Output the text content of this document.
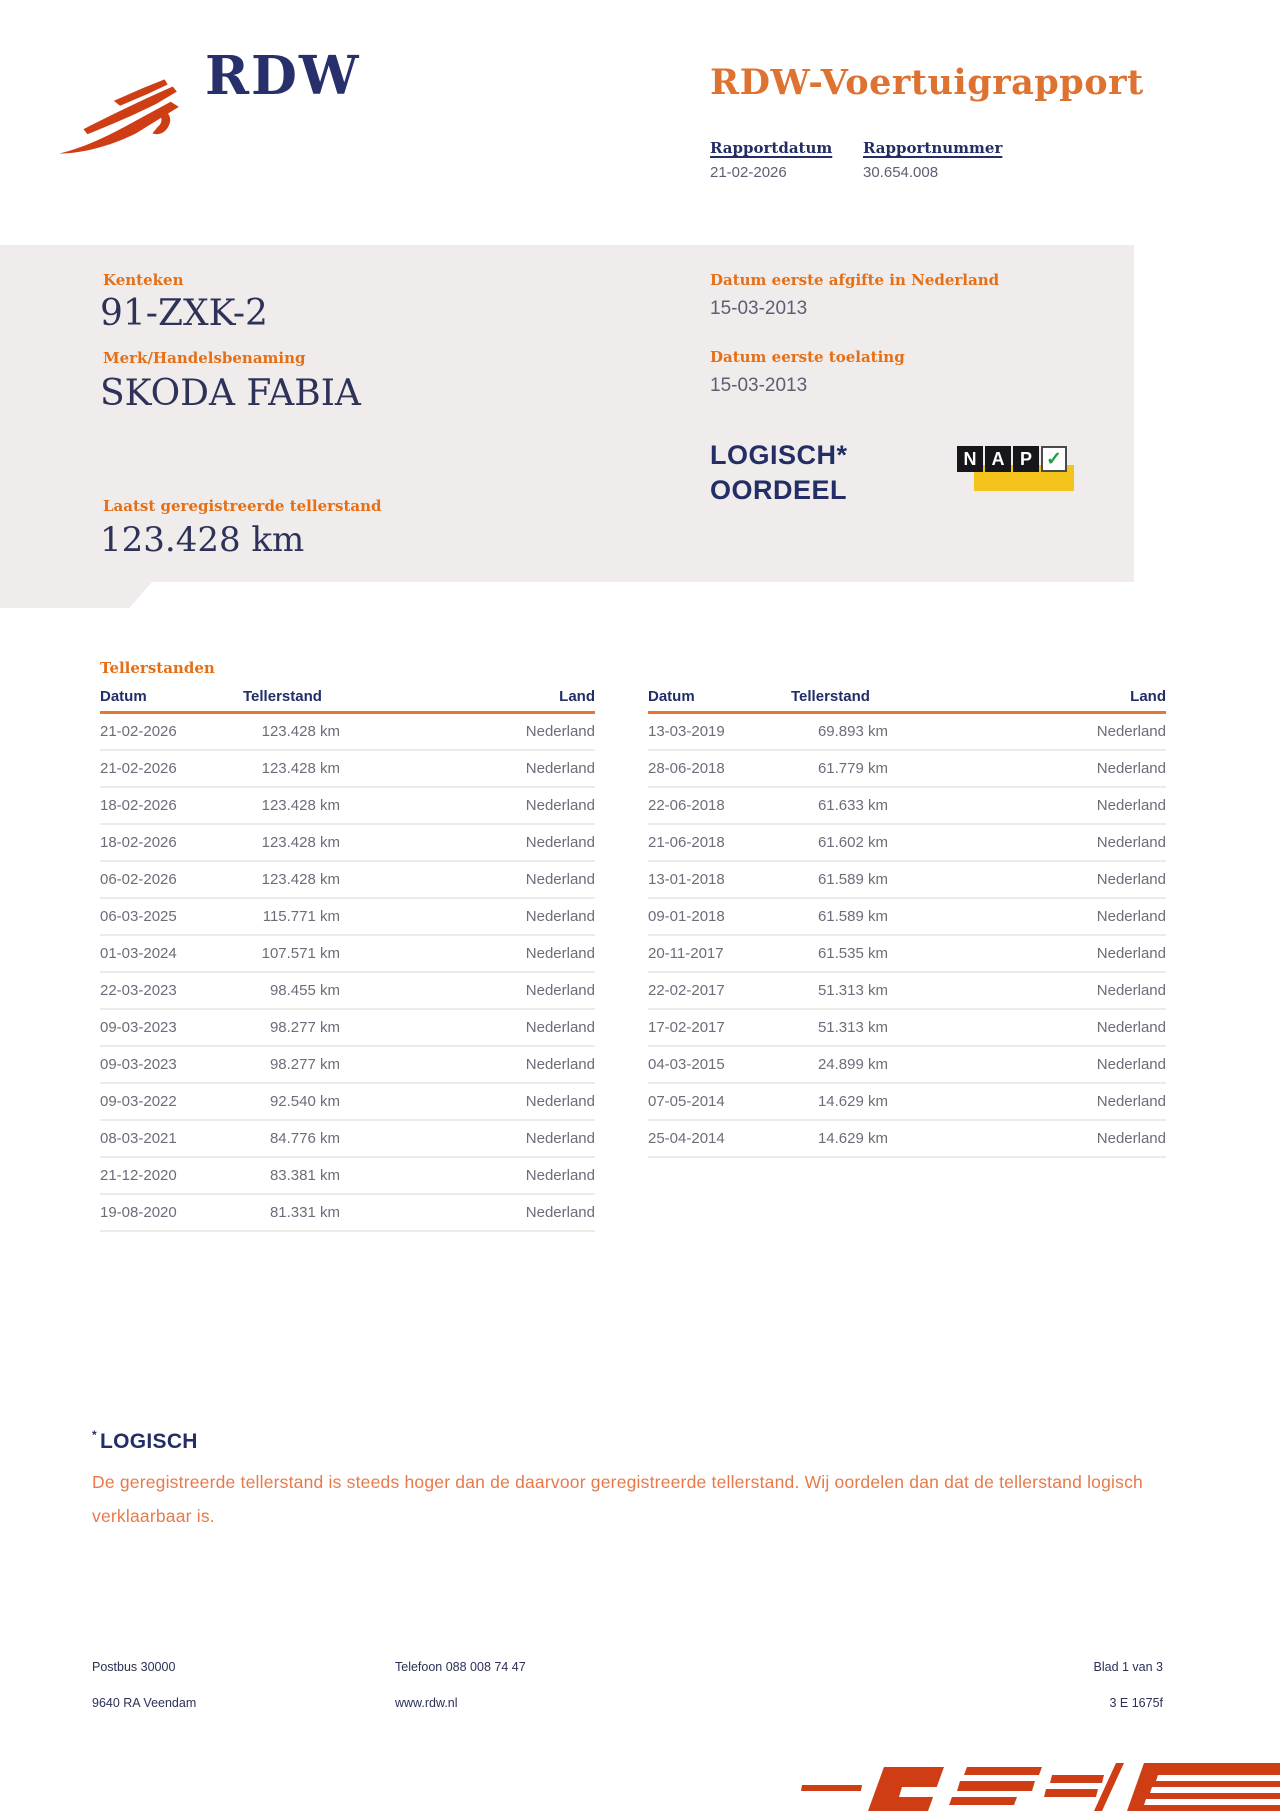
RDW	RDW-Voertuigrapport
Rapportdatum
21-02-2026
Rapportnummer
30.654.008
Kenteken
91-ZXK-2
Merk/Handelsbenaming
SKODA FABIA
Laatst geregistreerde tellerstand
123.428 km
Datum eerste afgifte in Nederland
15-03-2013
Datum eerste toelating
15-03-2013
LOGISCH*
OORDEEL
N A P ✓
Tellerstanden
Datum	Tellerstand	Land
21-02-2026	123.428 km	Nederland
21-02-2026	123.428 km	Nederland
18-02-2026	123.428 km	Nederland
18-02-2026	123.428 km	Nederland
06-02-2026	123.428 km	Nederland
06-03-2025	115.771 km	Nederland
01-03-2024	107.571 km	Nederland
22-03-2023	98.455 km	Nederland
09-03-2023	98.277 km	Nederland
09-03-2023	98.277 km	Nederland
09-03-2022	92.540 km	Nederland
08-03-2021	84.776 km	Nederland
21-12-2020	83.381 km	Nederland
19-08-2020	81.331 km	Nederland
Datum	Tellerstand	Land
13-03-2019	69.893 km	Nederland
28-06-2018	61.779 km	Nederland
22-06-2018	61.633 km	Nederland
21-06-2018	61.602 km	Nederland
13-01-2018	61.589 km	Nederland
09-01-2018	61.589 km	Nederland
20-11-2017	61.535 km	Nederland
22-02-2017	51.313 km	Nederland
17-02-2017	51.313 km	Nederland
04-03-2015	24.899 km	Nederland
07-05-2014	14.629 km	Nederland
25-04-2014	14.629 km	Nederland
* LOGISCH
De geregistreerde tellerstand is steeds hoger dan de daarvoor geregistreerde tellerstand. Wij oordelen dan dat de tellerstand logisch verklaarbaar is.
Postbus 30000	Telefoon 088 008 74 47	Blad 1 van 3
9640 RA Veendam	www.rdw.nl	3 E 1675f
